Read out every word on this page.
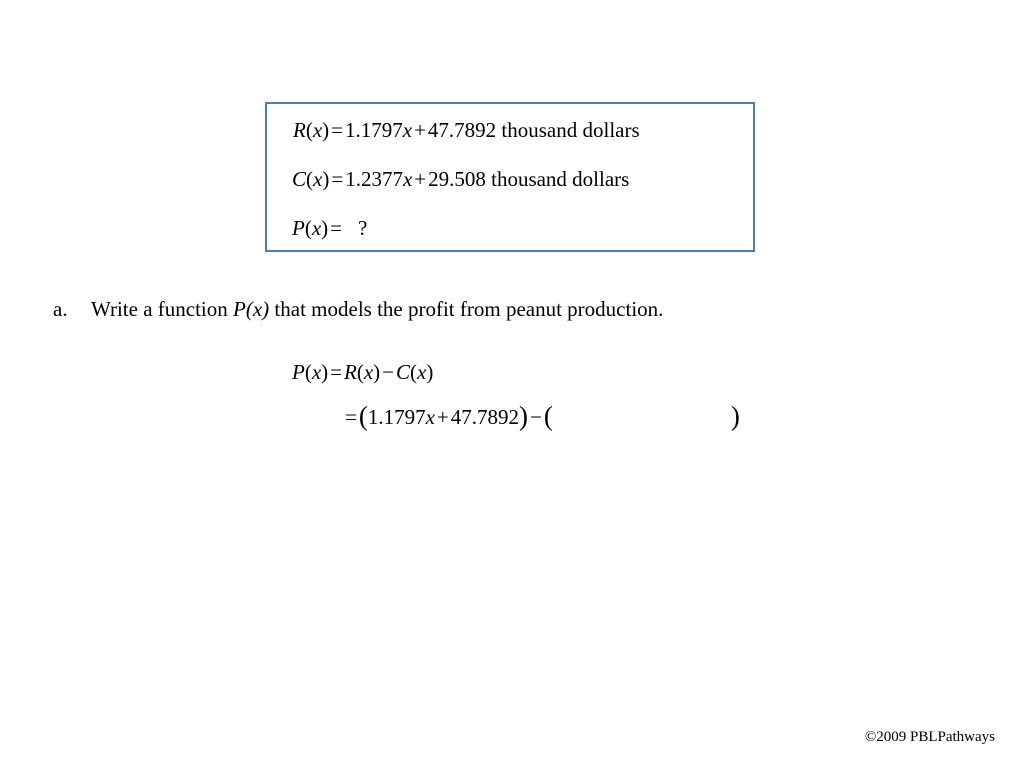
R(x)=1.1797x+47.7892 thousand dollars
C(x)=1.2377x+29.508 thousand dollars
P(x)= ?
a. Write a function P(x) that models the profit from peanut production.
P(x)=R(x)−C(x)
=(1.1797x+47.7892)−(	)
©2009 PBLPathways
